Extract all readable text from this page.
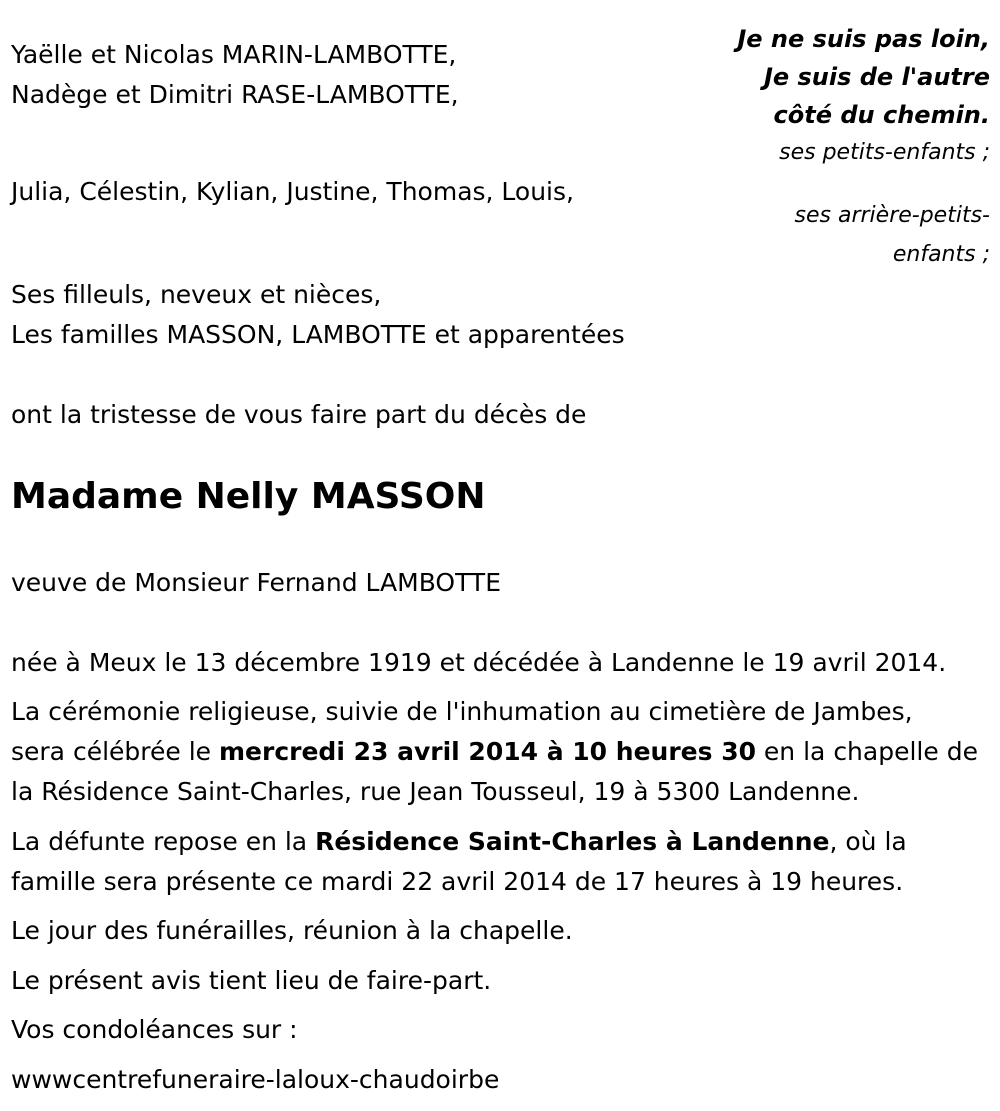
Yaëlle et Nicolas MARIN-LAMBOTTE,
Nadège et Dimitri RASE-LAMBOTTE,
Je ne suis pas loin,
Je suis de l'autre
côté du chemin.
ses petits-enfants ;
ses arrière-petits-
enfants ;
Julia, Célestin, Kylian, Justine, Thomas, Louis,
Ses filleuls, neveux et nièces,
Les familles MASSON, LAMBOTTE et apparentées
ont la tristesse de vous faire part du décès de
Madame Nelly MASSON
veuve de Monsieur Fernand LAMBOTTE
née à Meux le 13 décembre 1919 et décédée à Landenne le 19 avril 2014.
La cérémonie religieuse, suivie de l'inhumation au cimetière de Jambes,
sera célébrée le mercredi 23 avril 2014 à 10 heures 30 en la chapelle de
la Résidence Saint-Charles, rue Jean Tousseul, 19 à 5300 Landenne.
La défunte repose en la Résidence Saint-Charles à Landenne, où la
famille sera présente ce mardi 22 avril 2014 de 17 heures à 19 heures.
Le jour des funérailles, réunion à la chapelle.
Le présent avis tient lieu de faire-part.
Vos condoléances sur :
wwwcentrefuneraire-laloux-chaudoirbe
